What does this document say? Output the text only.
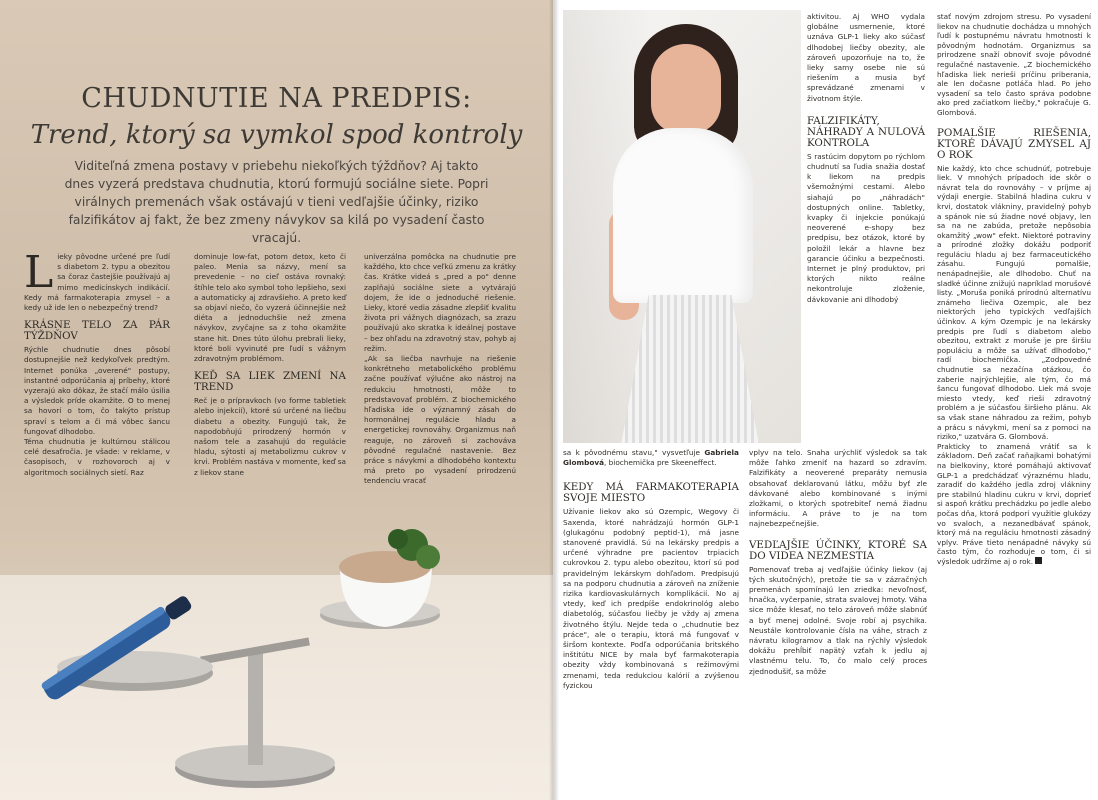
CHUDNUTIE NA PREDPIS:
Trend, ktorý sa vymkol spod kontroly
Viditeľná zmena postavy v priebehu niekoľkých týždňov? Aj takto dnes vyzerá predstava chudnutia, ktorú formujú sociálne siete. Popri virálnych premenách však ostávajú v tieni vedľajšie účinky, riziko falzifikátov aj fakt, že bez zmeny návykov sa kilá po vysadení často vracajú.

Lieky pôvodne určené pre ľudí s diabetom 2. typu a obezitou sa čoraz častejšie používajú aj mimo medicínskych indikácií. Kedy má farmakoterapia zmysel – a kedy už ide len o nebezpečný trend?

KRÁSNE TELO ZA PÁR TÝŽDŇOV

Rýchle chudnutie dnes pôsobí dostupnejšie než kedykoľvek predtým. Internet ponúka „overené" postupy, instantné odporúčania aj príbehy, ktoré vyzerajú ako dôkaz, že stačí málo úsilia a výsledok príde okamžite. O to menej sa hovorí o tom, čo takýto prístup spraví s telom a či má vôbec šancu fungovať dlhodobo.

Téma chudnutia je kultúrnou stálicou celé desaťročia. Je všade: v reklame, v časopisoch, v rozhovoroch aj v algoritmoch sociálnych sietí. Raz

dominuje low-fat, potom detox, keto či paleo. Menia sa názvy, mení sa prevedenie – no cieľ ostáva rovnaký: štíhle telo ako symbol toho lepšieho, sexi a automaticky aj zdravšieho. A preto keď sa objaví niečo, čo vyzerá účinnejšie než diéta a jednoduchšie než zmena návykov, zvyčajne sa z toho okamžite stane hit. Dnes túto úlohu prebrali lieky, ktoré boli vyvinuté pre ľudí s vážnym zdravotným problémom.

KEĎ SA LIEK ZMENÍ NA TREND

Reč je o prípravkoch (vo forme tabletiek alebo injekcií), ktoré sú určené na liečbu diabetu a obezity. Fungujú tak, že napodobňujú prirodzený hormón v našom tele a zasahujú do regulácie hladu, sýtosti aj metabolizmu cukrov v krvi. Problém nastáva v momente, keď sa z liekov stane

univerzálna pomôcka na chudnutie pre každého, kto chce veľkú zmenu za krátky čas. Krátke videá s „pred a po" denne zaplňajú sociálne siete a vytvárajú dojem, že ide o jednoduché riešenie. Lieky, ktoré vedia zásadne zlepšiť kvalitu života pri vážnych diagnózach, sa zrazu používajú ako skratka k ideálnej postave – bez ohľadu na zdravotný stav, pohyb aj režim.

„Ak sa liečba navrhuje na riešenie konkrétneho metabolického problému začne používať výlučne ako nástroj na redukciu hmotnosti, môže to predstavovať problém. Z biochemického hľadiska ide o významný zásah do hormonálnej regulácie hladu a energetickej rovnováhy. Organizmus naň reaguje, no zároveň si zachováva pôvodné regulačné nastavenie. Bez práce s návykmi a dlhodobého kontextu má preto po vysadení prirodzenú tendenciu vracať

sa k pôvodnému stavu," vysvetľuje Gabriela Glombová, biochemička pre Skeeneffect.

KEDY MÁ FARMAKOTERAPIA SVOJE MIESTO

Užívanie liekov ako sú Ozempic, Wegovy či Saxenda, ktoré nahrádzajú hormón GLP-1 (glukagónu podobný peptid-1), má jasne stanovené pravidlá. Sú na lekársky predpis a určené výhradne pre pacientov trpiacich cukrovkou 2. typu alebo obezitou, ktorí sú pod pravidelným lekárskym dohľadom. Predpisujú sa na podporu chudnutia a zároveň na zníženie rizika kardiovaskulárnych komplikácií. No aj vtedy, keď ich predpíše endokrinológ alebo diabetológ, súčasťou liečby je vždy aj zmena životného štýlu. Nejde teda o „chudnutie bez práce", ale o terapiu, ktorá má fungovať v širšom kontexte. Podľa odporúčania britského inštitútu NICE by mala byť farmakoterapia obezity vždy kombinovaná s režimovými zmenami, teda redukciou kalórií a zvýšenou fyzickou

aktivitou. Aj WHO vydala globálne usmernenie, ktoré uznáva GLP-1 lieky ako súčasť dlhodobej liečby obezity, ale zároveň upozorňuje na to, že lieky samy osebe nie sú riešením a musia byť sprevádzané zmenami v životnom štýle.

FALZIFIKÁTY, NÁHRADY A NULOVÁ KONTROLA

S rastúcim dopytom po rýchlom chudnutí sa ľudia snažia dostať k liekom na predpis všemožnými cestami. Alebo siahajú po „náhradách" dostupných online. Tabletky, kvapky či injekcie ponúkajú neoverené e-shopy bez predpisu, bez otázok, ktoré by položil lekár a hlavne bez garancie účinku a bezpečnosti. Internet je plný produktov, pri ktorých nikto reálne nekontroluje zloženie, dávkovanie ani dlhodobý

vplyv na telo. Snaha urýchliť výsledok sa tak môže ľahko zmeniť na hazard so zdravím. Falzifikáty a neoverené preparáty nemusia obsahovať deklarovanú látku, môžu byť zle dávkované alebo kombinované s inými zložkami, o ktorých spotrebiteľ nemá žiadnu informáciu. A práve to je na tom najnebezpečnejšie.

VEDĽAJŠIE ÚČINKY, KTORÉ SA DO VIDEA NEZMESTIA

Pomenovať treba aj vedľajšie účinky liekov (aj tých skutočných), pretože tie sa v zázračných premenách spomínajú len zriedka: nevoľnosť, hnačka, vyčerpanie, strata svalovej hmoty. Váha sice môže klesať, no telo zároveň môže slabnúť a byť menej odolné. Svoje robí aj psychika. Neustále kontrolovanie čísla na váhe, strach z návratu kilogramov a tlak na rýchly výsledok dokážu prehĺbiť napätý vzťah k jedlu aj vlastnému telu. To, čo malo celý proces zjednodušiť, sa môže

stať novým zdrojom stresu. Po vysadení liekov na chudnutie dochádza u mnohých ľudí k postupnému návratu hmotnosti k pôvodným hodnotám. Organizmus sa prirodzene snaží obnoviť svoje pôvodné regulačné nastavenie. „Z biochemického hľadiska liek nerieši príčinu priberania, ale len dočasne potláča hlad. Po jeho vysadení sa telo často správa podobne ako pred začiatkom liečby," pokračuje G. Glombová.

POMALŠIE RIEŠENIA, KTORÉ DÁVAJÚ ZMYSEL AJ O ROK

Nie každý, kto chce schudnúť, potrebuje liek. V mnohých prípadoch ide skôr o návrat tela do rovnováhy – v príjme aj výdaji energie. Stabilná hladina cukru v krvi, dostatok vlákniny, pravidelný pohyb a spánok nie sú žiadne nové objavy, len sa na ne zabúda, pretože nepôsobia okamžitý „wow" efekt. Niektoré potraviny a prírodné zložky dokážu podporiť reguláciu hladu aj bez farmaceutického zásahu. Fungujú pomalšie, nenápadnejšie, ale dlhodobo. Chuť na sladké účinne znižujú napríklad morušové listy. „Moruša poniká prírodnú alternatívu známeho liečiva Ozempic, ale bez niektorých jeho typických vedľajších účinkov. A kým Ozempic je na lekársky predpis pre ľudí s diabetom alebo obezitou, extrakt z moruše je pre širšiu populáciu a môže sa užívať dlhodobo," radí biochemička. „Zodpovedné chudnutie sa nezačína otázkou, čo zaberie najrýchlejšie, ale tým, čo má šancu fungovať dlhodobo. Liek má svoje miesto vtedy, keď rieši zdravotný problém a je súčasťou širšieho plánu. Ak sa však stane náhradou za režim, pohyb a prácu s návykmi, mení sa z pomoci na riziko," uzatvára G. Glombová.

Prakticky to znamená vrátiť sa k základom. Deň začať raňajkami bohatými na bielkoviny, ktoré pomáhajú aktivovať GLP-1 a predchádzať výraznému hladu, zaradiť do každého jedla zdroj vlákniny pre stabilnú hladinu cukru v krvi, doprieť si aspoň krátku prechádzku po jedle alebo počas dňa, ktorá podporí využitie glukózy vo svaloch, a nezanedbávať spánok, ktorý má na reguláciu hmotnosti zásadný vplyv. Práve tieto nenápadné návyky sú často tým, čo rozhoduje o tom, či si výsledok udržíme aj o rok.
